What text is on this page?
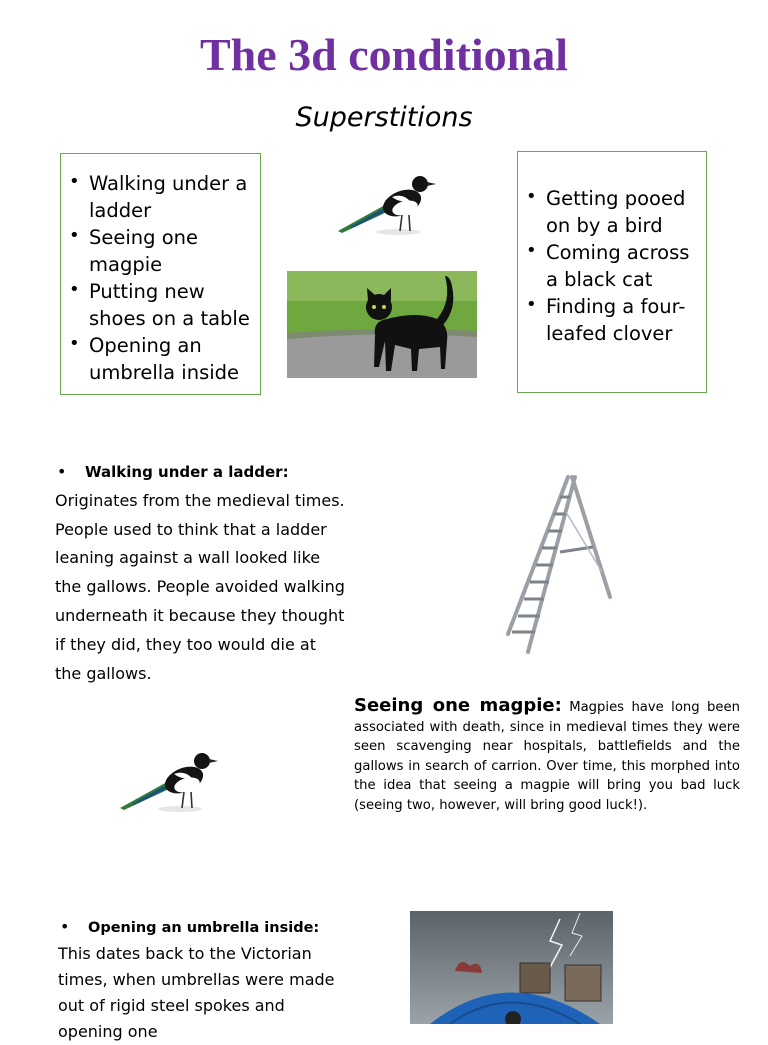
The 3d conditional
Superstitions
• Walking under a ladder
• Seeing one magpie
• Putting new shoes on a table
• Opening an umbrella inside
• Getting pooed on by a bird
• Coming across a black cat
• Finding a four-leafed clover
• Walking under a ladder:
Originates from the medieval times. People used to think that a ladder leaning against a wall looked like the gallows. People avoided walking underneath it because they thought if they did, they too would die at the gallows.
Seeing one magpie: Magpies have long been associated with death, since in medieval times they were seen scavenging near hospitals, battlefields and the gallows in search of carrion. Over time, this morphed into the idea that seeing a magpie will bring you bad luck (seeing two, however, will bring good luck!).
• Opening an umbrella inside:
This dates back to the Victorian times, when umbrellas were made out of rigid steel spokes and opening one
